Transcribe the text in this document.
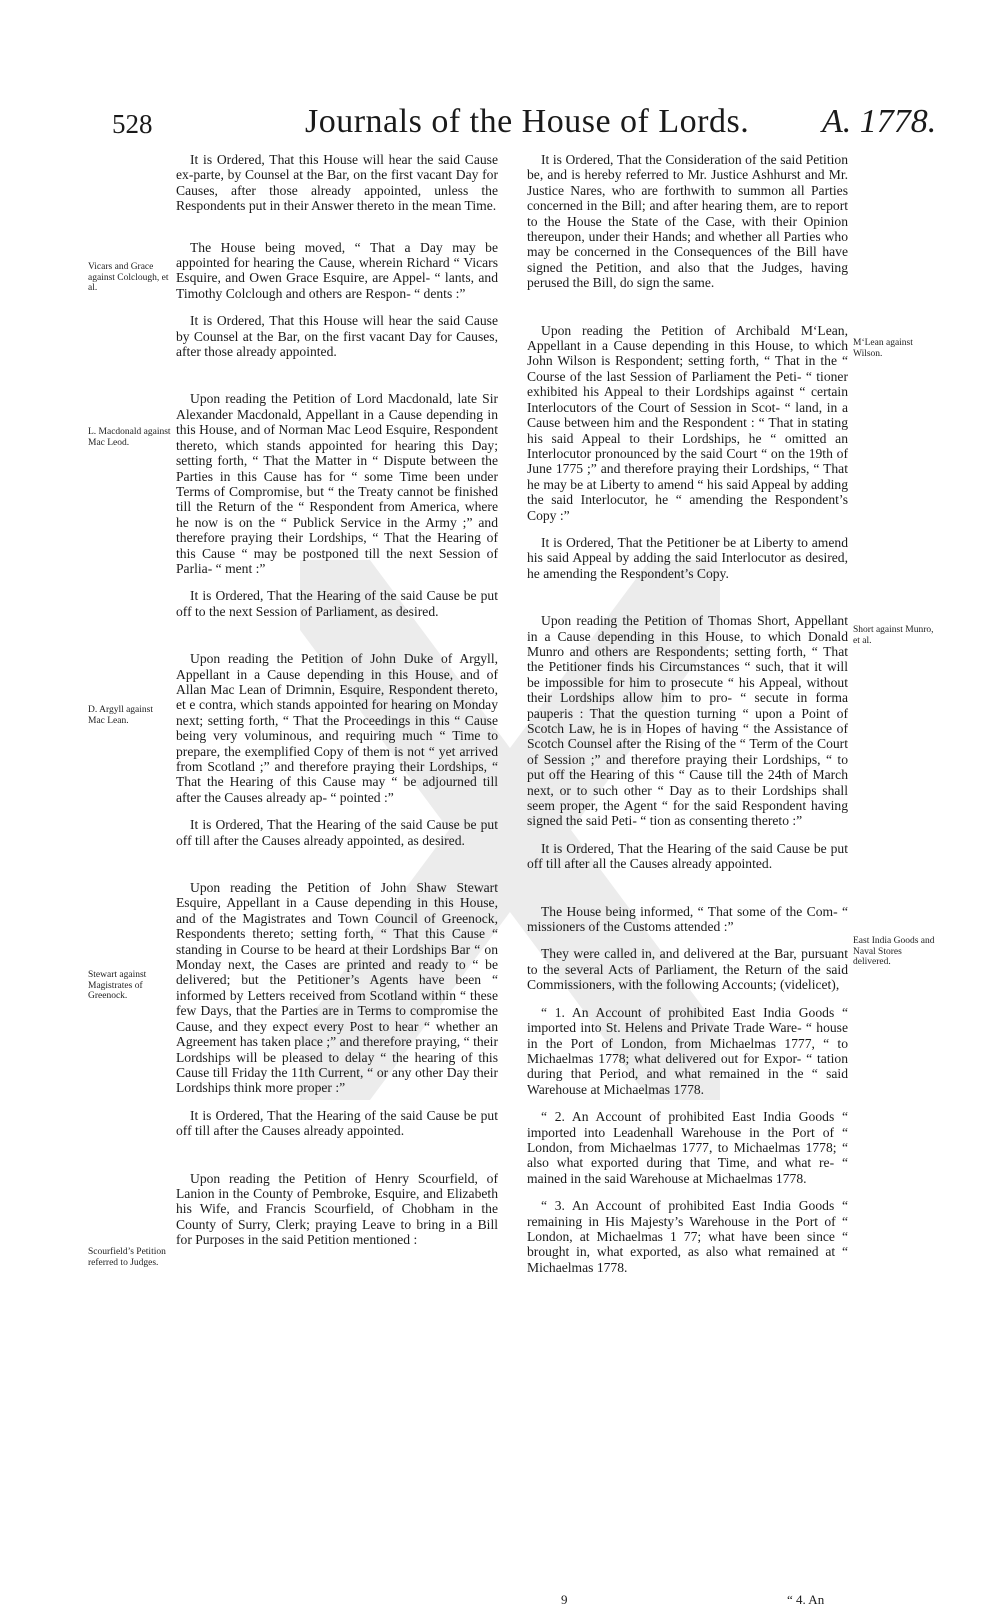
528	Journals of the House of Lords. A. 1778.

It is Ordered, That this House will hear the said Cause ex-parte, by Counsel at the Bar, on the first vacant Day for Causes, after those already appointed, unless the Respondents put in their Answer thereto in the mean Time.

The House being moved, “ That a Day may be appointed for hearing the Cause, wherein Richard “ Vicars Esquire, and Owen Grace Esquire, are Appel- “ lants, and Timothy Colclough and others are Respon- “ dents :”

It is Ordered, That this House will hear the said Cause by Counsel at the Bar, on the first vacant Day for Causes, after those already appointed.

Upon reading the Petition of Lord Macdonald, late Sir Alexander Macdonald, Appellant in a Cause depending in this House, and of Norman Mac Leod Esquire, Respondent thereto, which stands appointed for hearing this Day; setting forth, “ That the Matter in “ Dispute between the Parties in this Cause has for “ some Time been under Terms of Compromise, but “ the Treaty cannot be finished till the Return of the “ Respondent from America, where he now is on the “ Publick Service in the Army ;” and therefore praying their Lordships, “ That the Hearing of this Cause “ may be postponed till the next Session of Parlia- “ ment :”

It is Ordered, That the Hearing of the said Cause be put off to the next Session of Parliament, as desired.

Upon reading the Petition of John Duke of Argyll, Appellant in a Cause depending in this House, and of Allan Mac Lean of Drimnin, Esquire, Respondent thereto, et e contra, which stands appointed for hearing on Monday next; setting forth, “ That the Proceedings in this “ Cause being very voluminous, and requiring much “ Time to prepare, the exemplified Copy of them is not “ yet arrived from Scotland ;” and therefore praying their Lordships, “ That the Hearing of this Cause may “ be adjourned till after the Causes already ap- “ pointed :”

It is Ordered, That the Hearing of the said Cause be put off till after the Causes already appointed, as desired.

Upon reading the Petition of John Shaw Stewart Esquire, Appellant in a Cause depending in this House, and of the Magistrates and Town Council of Greenock, Respondents thereto; setting forth, “ That this Cause “ standing in Course to be heard at their Lordships Bar “ on Monday next, the Cases are printed and ready to “ be delivered; but the Petitioner’s Agents have been “ informed by Letters received from Scotland within “ these few Days, that the Parties are in Terms to compromise the Cause, and they expect every Post to hear “ whether an Agreement has taken place ;” and therefore praying, “ their Lordships will be pleased to delay “ the hearing of this Cause till Friday the 11th Current, “ or any other Day their Lordships think more proper :”

It is Ordered, That the Hearing of the said Cause be put off till after the Causes already appointed.

Upon reading the Petition of Henry Scourfield, of Lanion in the County of Pembroke, Esquire, and Elizabeth his Wife, and Francis Scourfield, of Chobham in the County of Surry, Clerk; praying Leave to bring in a Bill for Purposes in the said Petition mentioned :

It is Ordered, That the Consideration of the said Petition be, and is hereby referred to Mr. Justice Ashhurst and Mr. Justice Nares, who are forthwith to summon all Parties concerned in the Bill; and after hearing them, are to report to the House the State of the Case, with their Opinion thereupon, under their Hands; and whether all Parties who may be concerned in the Consequences of the Bill have signed the Petition, and also that the Judges, having perused the Bill, do sign the same.

Upon reading the Petition of Archibald M‘Lean, Appellant in a Cause depending in this House, to which John Wilson is Respondent; setting forth, “ That in the “ Course of the last Session of Parliament the Peti- “ tioner exhibited his Appeal to their Lordships against “ certain Interlocutors of the Court of Session in Scot- “ land, in a Cause between him and the Respondent : “ That in stating his said Appeal to their Lordships, he “ omitted an Interlocutor pronounced by the said Court “ on the 19th of June 1775 ;” and therefore praying their Lordships, “ That he may be at Liberty to amend “ his said Appeal by adding the said Interlocutor, he “ amending the Respondent’s Copy :”

It is Ordered, That the Petitioner be at Liberty to amend his said Appeal by adding the said Interlocutor as desired, he amending the Respondent’s Copy.

Upon reading the Petition of Thomas Short, Appellant in a Cause depending in this House, to which Donald Munro and others are Respondents; setting forth, “ That the Petitioner finds his Circumstances “ such, that it will be impossible for him to prosecute “ his Appeal, without their Lordships allow him to pro- “ secute in forma pauperis : That the question turning “ upon a Point of Scotch Law, he is in Hopes of having “ the Assistance of Scotch Counsel after the Rising of the “ Term of the Court of Session ;” and therefore praying their Lordships, “ to put off the Hearing of this “ Cause till the 24th of March next, or to such other “ Day as to their Lordships shall seem proper, the Agent “ for the said Respondent having signed the said Peti- “ tion as consenting thereto :”

It is Ordered, That the Hearing of the said Cause be put off till after all the Causes already appointed.

The House being informed, “ That some of the Com- “ missioners of the Customs attended :”

They were called in, and delivered at the Bar, pursuant to the several Acts of Parliament, the Return of the said Commissioners, with the following Accounts; (videlicet),

“ 1. An Account of prohibited East India Goods “ imported into St. Helens and Private Trade Ware- “ house in the Port of London, from Michaelmas 1777, “ to Michaelmas 1778; what delivered out for Expor- “ tation during that Period, and what remained in the “ said Warehouse at Michaelmas 1778.

“ 2. An Account of prohibited East India Goods “ imported into Leadenhall Warehouse in the Port of “ London, from Michaelmas 1777, to Michaelmas 1778; “ also what exported during that Time, and what re- “ mained in the said Warehouse at Michaelmas 1778.

“ 3. An Account of prohibited East India Goods “ remaining in His Majesty’s Warehouse in the Port of “ London, at Michaelmas 1 77; what have been since “ brought in, what exported, as also what remained at “ Michaelmas 1778.

Vicars and Grace against Colclough, et al.
L. Macdonald against Mac Leod.
D. Argyll against Mac Lean.
Stewart against Magistrates of Greenock.
Scourfield’s Petition referred to Judges.
M‘Lean against Wilson.
Short against Munro, et al.
East India Goods and Naval Stores delivered.
9	“ 4. An
